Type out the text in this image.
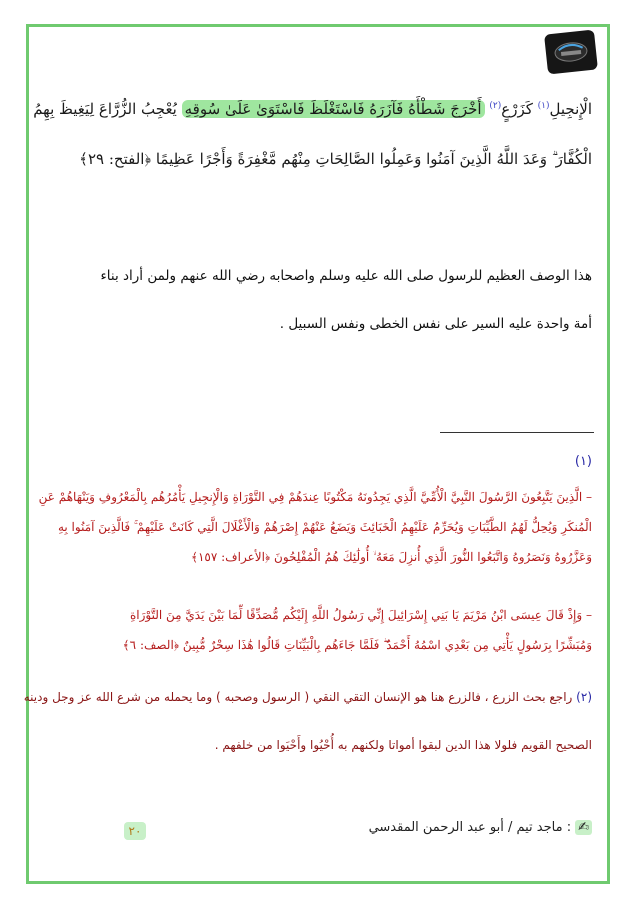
الْإِنجِيلِ$^{(١)}$ كَزَرْعٍ$^{(٢)}$ أَخْرَجَ شَطْأَهُ فَآزَرَهُ فَاسْتَغْلَظَ فَاسْتَوَىٰ عَلَىٰ سُوقِهِ يُعْجِبُ الزُّرَّاعَ لِيَغِيظَ بِهِمُ
الْكُفَّارَ ۗ وَعَدَ اللَّهُ الَّذِينَ آمَنُوا وَعَمِلُوا الصَّالِحَاتِ مِنْهُم مَّغْفِرَةً وَأَجْرًا عَظِيمًا ﴿الفتح: ٢٩﴾
هذا الوصف العظيم للرسول صلى الله عليه وسلم واصحابه رضي الله عنهم ولمن أراد بناء
أمة واحدة عليه السير على نفس الخطى ونفس السبيل .
(١)
– الَّذِينَ يَتَّبِعُونَ الرَّسُولَ النَّبِيَّ الْأُمِّيَّ الَّذِي يَجِدُونَهُ مَكْتُوبًا عِندَهُمْ فِي التَّوْرَاةِ وَالْإِنجِيلِ يَأْمُرُهُم بِالْمَعْرُوفِ وَيَنْهَاهُمْ عَنِ
الْمُنكَرِ وَيُحِلُّ لَهُمُ الطَّيِّبَاتِ وَيُحَرِّمُ عَلَيْهِمُ الْخَبَائِثَ وَيَضَعُ عَنْهُمْ إِصْرَهُمْ وَالْأَغْلَالَ الَّتِي كَانَتْ عَلَيْهِمْ ۚ فَالَّذِينَ آمَنُوا بِهِ
وَعَزَّرُوهُ وَنَصَرُوهُ وَاتَّبَعُوا النُّورَ الَّذِي أُنزِلَ مَعَهُ ۙ أُولَٰئِكَ هُمُ الْمُفْلِحُونَ ﴿الأعراف: ١٥٧﴾
– وَإِذْ قَالَ عِيسَى ابْنُ مَرْيَمَ يَا بَنِي إِسْرَائِيلَ إِنِّي رَسُولُ اللَّهِ إِلَيْكُم مُّصَدِّقًا لِّمَا بَيْنَ يَدَيَّ مِنَ التَّوْرَاةِ
وَمُبَشِّرًا بِرَسُولٍ يَأْتِي مِن بَعْدِي اسْمُهُ أَحْمَدُ ۖ فَلَمَّا جَاءَهُم بِالْبَيِّنَاتِ قَالُوا هَٰذَا سِحْرٌ مُّبِينٌ ﴿الصف: ٦﴾
(٢) راجع بحث الزرع ، فالزرع هنا هو الإنسان التقي النقي ( الرسول وصحبه ) وما يحمله من شرع الله عز وجل ودينه
الصحيح القويم فلولا هذا الدين لبقوا أمواتا ولكنهم به أُحْيُوا وأَحْيَوا من خلفهم .
٢٠	✍: ماجد تيم / أبو عبد الرحمن المقدسي
